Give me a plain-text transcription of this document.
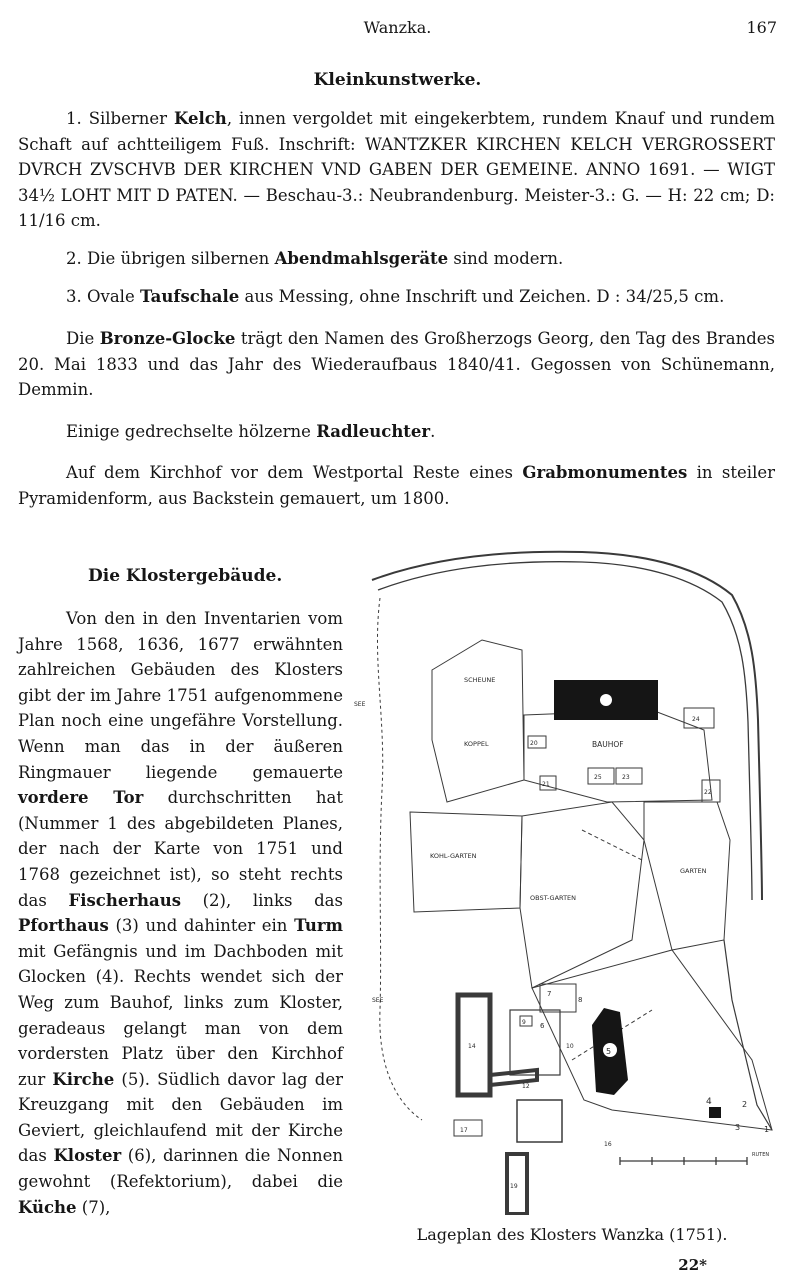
Wanzka.	167
Kleinkunstwerke.

1. Silberner Kelch, innen vergoldet mit eingekerbtem, rundem Knauf und rundem Schaft auf achtteiligem Fuß. Inschrift: WANTZKER KIRCHEN KELCH VERGROSSERT DVRCH ZVSCHVB DER KIRCHEN VND GABEN DER GEMEINE. ANNO 1691. — WIGT 34½ LOHT MIT D PATEN. — Beschau-3.: Neubrandenburg. Meister-3.: G. — H: 22 cm; D: 11/16 cm.

2. Die übrigen silbernen Abendmahlsgeräte sind modern.

3. Ovale Taufschale aus Messing, ohne Inschrift und Zeichen. D : 34/25,5 cm.

Die Bronze-Glocke trägt den Namen des Großherzogs Georg, den Tag des Brandes 20. Mai 1833 und das Jahr des Wiederaufbaus 1840/41. Gegossen von Schünemann, Demmin.

Einige gedrechselte hölzerne Radleuchter.

Auf dem Kirchhof vor dem Westportal Reste eines Grabmonumentes in steiler Pyramidenform, aus Backstein gemauert, um 1800.

Die Klostergebäude.

Von den in den Inventarien vom Jahre 1568, 1636, 1677 erwähnten zahlreichen Gebäuden des Klosters gibt der im Jahre 1751 aufgenommene Plan noch eine ungefähre Vorstellung. Wenn man das in der äußeren Ringmauer liegende gemauerte vordere Tor durchschritten hat (Nummer 1 des abgebildeten Planes, der nach der Karte von 1751 und 1768 gezeichnet ist), so steht rechts das Fischerhaus (2), links das Pforthaus (3) und dahinter ein Turm mit Gefängnis und im Dachboden mit Glocken (4). Rechts wendet sich der Weg zum Bauhof, links zum Kloster, geradeaus gelangt man von dem vordersten Platz über den Kirchhof zur Kirche (5). Südlich davor lag der Kreuzgang mit den Gebäuden im Geviert, gleichlaufend mit der Kirche das Kloster (6), darinnen die Nonnen gewohnt (Refektorium), dabei die Küche (7),

SCHEUNE
KOPPEL	BAUHOF
KOHL-GARTEN
OBST-GARTEN
GARTEN
SEE
SEE
RUTEN
1
2
3
4
5
6
7
8
9
10
12
14
16
17
19
20
21
22
23
24
25
Lageplan des Klosters Wanzka (1751).
22*
